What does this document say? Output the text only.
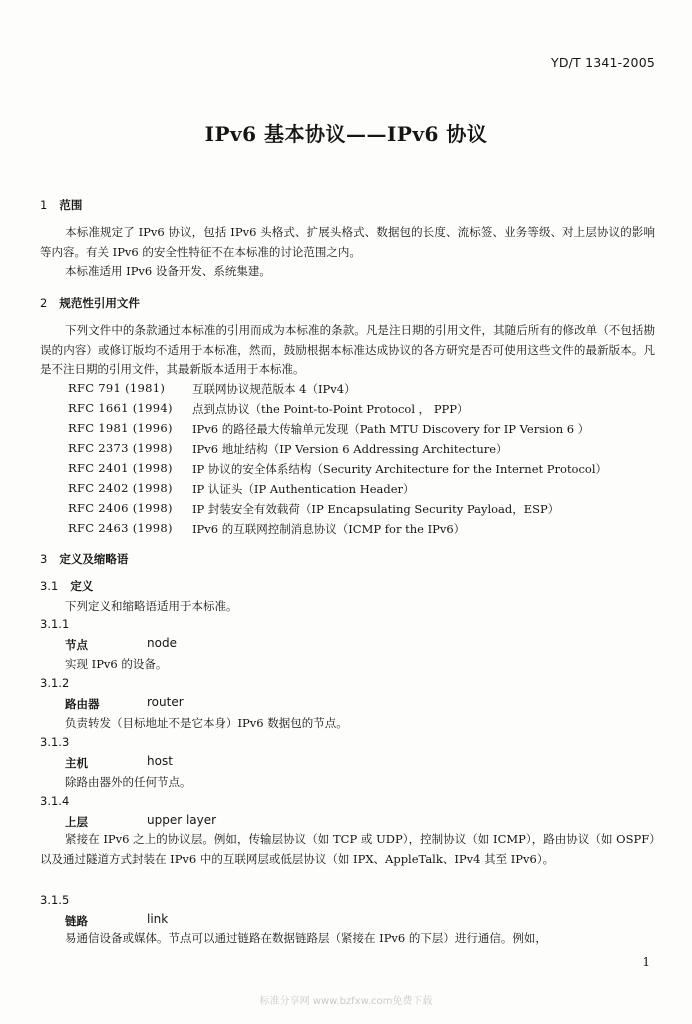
YD/T 1341-2005
IPv6 基本协议——IPv6 协议
1 范围
本标准规定了 IPv6 协议，包括 IPv6 头格式、扩展头格式、数据包的长度、流标签、业务等级、对上层协议的影响等内容。有关 IPv6 的安全性特征不在本标准的讨论范围之内。
本标准适用 IPv6 设备开发、系统集建。
2 规范性引用文件
下列文件中的条款通过本标准的引用而成为本标准的条款。凡是注日期的引用文件，其随后所有的修改单（不包括勘误的内容）或修订版均不适用于本标准，然而，鼓励根据本标准达成协议的各方研究是否可使用这些文件的最新版本。凡是不注日期的引用文件，其最新版本适用于本标准。
RFC 791 (1981) 互联网协议规范版本 4（IPv4）
RFC 1661 (1994) 点到点协议（the Point-to-Point Protocol ， PPP）
RFC 1981 (1996) IPv6 的路径最大传输单元发现（Path MTU Discovery for IP Version 6 ）
RFC 2373 (1998) IPv6 地址结构（IP Version 6 Addressing Architecture）
RFC 2401 (1998) IP 协议的安全体系结构（Security Architecture for the Internet Protocol）
RFC 2402 (1998) IP 认证头（IP Authentication Header）
RFC 2406 (1998) IP 封装安全有效载荷（IP Encapsulating Security Payload，ESP）
RFC 2463 (1998) IPv6 的互联网控制消息协议（ICMP for the IPv6）
3 定义及缩略语
3.1 定义
下列定义和缩略语适用于本标准。
3.1.1
节点	node
实现 IPv6 的设备。
3.1.2
路由器	router
负责转发（目标地址不是它本身）IPv6 数据包的节点。
3.1.3
主机	host
除路由器外的任何节点。
3.1.4
上层	upper layer
紧接在 IPv6 之上的协议层。例如，传输层协议（如 TCP 或 UDP），控制协议（如 ICMP），路由协议（如 OSPF）以及通过隧道方式封装在 IPv6 中的互联网层或低层协议（如 IPX、AppleTalk、IPv4 其至 IPv6）。
3.1.5
链路	link
易通信设备或媒体。节点可以通过链路在数据链路层（紧接在 IPv6 的下层）进行通信。例如，
1
标准分享网 www.bzfxw.com免费下载
